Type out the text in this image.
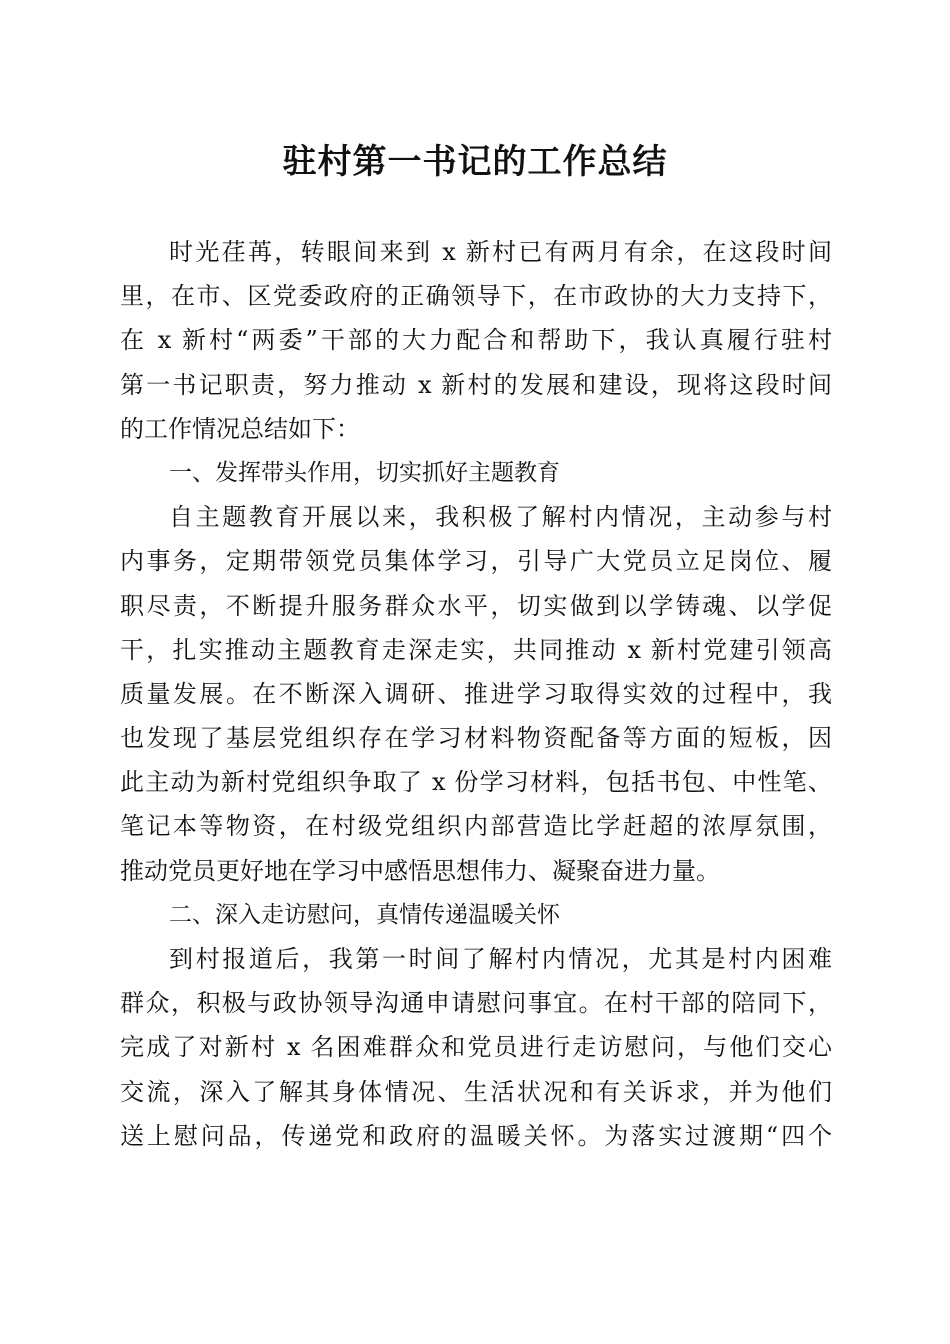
驻村第一书记的工作总结
时光荏苒，转眼间来到 x 新村已有两月有余，在这段时间
里，在市、区党委政府的正确领导下，在市政协的大力支持下，
在 x 新村“两委”干部的大力配合和帮助下，我认真履行驻村
第一书记职责，努力推动 x 新村的发展和建设，现将这段时间
的工作情况总结如下：
一、发挥带头作用，切实抓好主题教育
自主题教育开展以来，我积极了解村内情况，主动参与村
内事务，定期带领党员集体学习，引导广大党员立足岗位、履
职尽责，不断提升服务群众水平，切实做到以学铸魂、以学促
干，扎实推动主题教育走深走实，共同推动 x 新村党建引领高
质量发展。在不断深入调研、推进学习取得实效的过程中，我
也发现了基层党组织存在学习材料物资配备等方面的短板，因
此主动为新村党组织争取了 x 份学习材料，包括书包、中性笔、
笔记本等物资，在村级党组织内部营造比学赶超的浓厚氛围，
推动党员更好地在学习中感悟思想伟力、凝聚奋进力量。
二、深入走访慰问，真情传递温暖关怀
到村报道后，我第一时间了解村内情况，尤其是村内困难
群众，积极与政协领导沟通申请慰问事宜。在村干部的陪同下，
完成了对新村 x 名困难群众和党员进行走访慰问，与他们交心
交流，深入了解其身体情况、生活状况和有关诉求，并为他们
送上慰问品，传递党和政府的温暖关怀。为落实过渡期“四个
